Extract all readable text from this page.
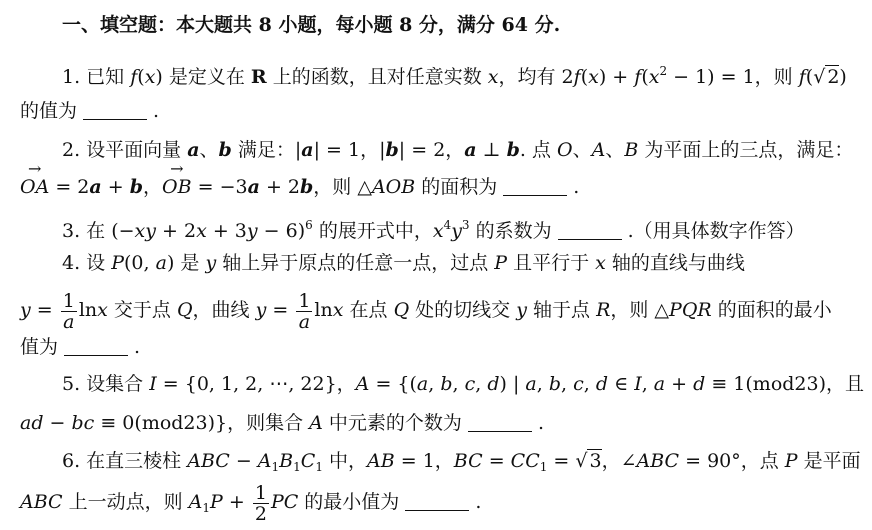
一、填空题：本大题共 8 小题，每小题 8 分，满分 64 分.
1. 已知 f(x) 是定义在 R 上的函数，且对任意实数 x，均有 $2f(x) + f(x^2 - 1) = 1$，则 f(√ 2)
的值为	.
2. 设平面向量 a、b 满足：|a| = 1，|b| = 2，a ⊥ b. 点 O、A、B 为平面上的三点，满足：
→ OA = 2a + b，→ OB = −3a + 2b，则 △AOB 的面积为	.
3. 在 $(-xy + 2x + 3y - 6)^6$ 的展开式中，$x^4y^3$ 的系数为	.（用具体数字作答）
4. 设 P(0, a) 是 y 轴上异于原点的任意一点，过点 P 且平行于 x 轴的直线与曲线
$y = \frac{1}{a}$ lnx 交于点 Q，曲线 $y = \frac{1}{a}$ lnx 在点 Q 处的切线交 y 轴于点 R，则 △PQR 的面积的最小
值为	.
5. 设集合 I = {0, 1, 2, ⋯, 22}，A = {(a, b, c, d) | a, b, c, d ∈ I, a + d ≡ 1(mod23)，且
ad − bc ≡ 0(mod23)}，则集合 A 中元素的个数为	.
6. 在直三棱柱 ABC − $A_1B_1C_1$ 中，AB = 1，BC = $CC_1$ = √ 3，∠ABC = 90°，点 P 是平面
ABC 上一动点，则 $A_1P + \frac{1}{2}$ PC 的最小值为	.
